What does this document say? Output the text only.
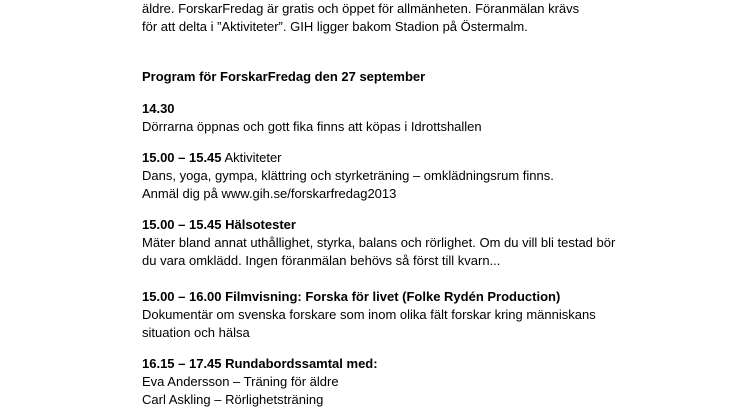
äldre. ForskarFredag är gratis och öppet för allmänheten. Föranmälan krävs
för att delta i ”Aktiviteter”. GIH ligger bakom Stadion på Östermalm.
Program för ForskarFredag den 27 september
14.30
Dörrarna öppnas och gott fika finns att köpas i Idrottshallen
15.00 – 15.45 Aktiviteter
Dans, yoga, gympa, klättring och styrketräning – omklädningsrum finns.
Anmäl dig på www.gih.se/forskarfredag2013
15.00 – 15.45 Hälsotester
Mäter bland annat uthållighet, styrka, balans och rörlighet. Om du vill bli testad bör
du vara omklädd. Ingen föranmälan behövs så först till kvarn...
15.00 – 16.00 Filmvisning: Forska för livet (Folke Rydén Production)
Dokumentär om svenska forskare som inom olika fält forskar kring människans
situation och hälsa
16.15 – 17.45 Rundabordssamtal med:
Eva Andersson – Träning för äldre
Carl Askling – Rörlighetsträning
